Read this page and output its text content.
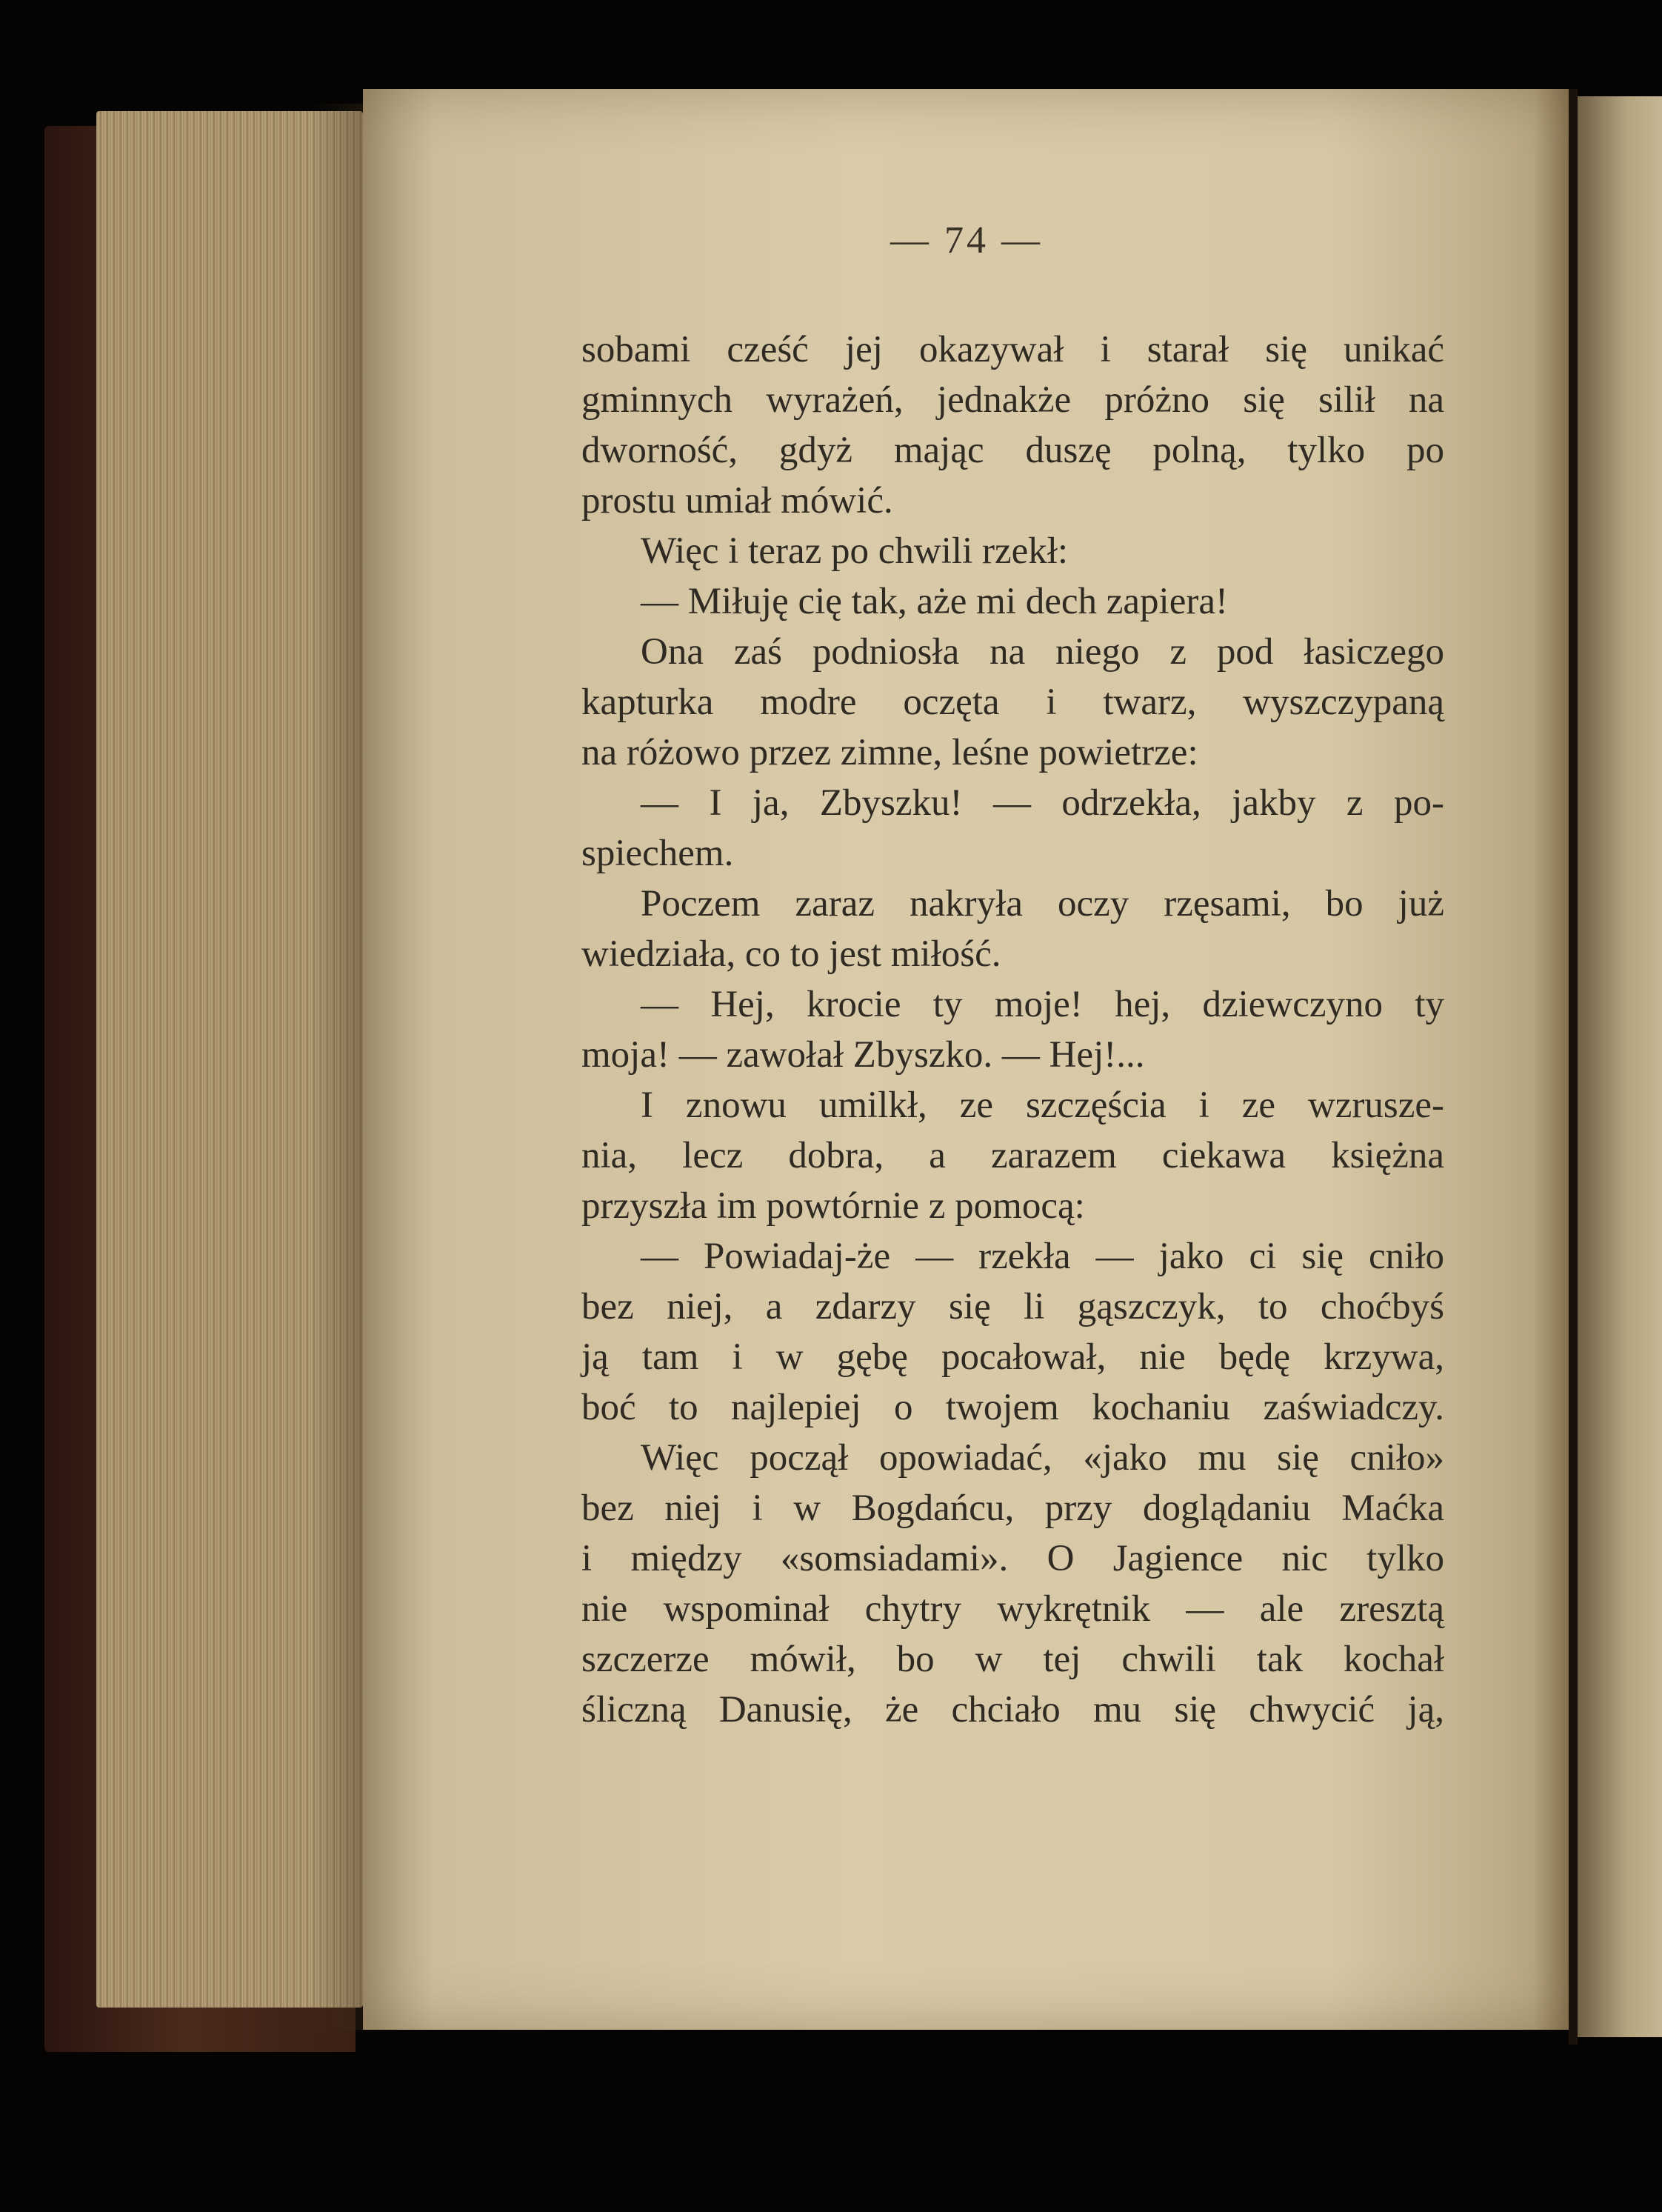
— 74 —
sobami cześć jej okazywał i starał się unikać
gminnych wyrażeń, jednakże próżno się silił na
dworność, gdyż mając duszę polną, tylko po
prostu umiał mówić.
Więc i teraz po chwili rzekł:
— Miłuję cię tak, aże mi dech zapiera!
Ona zaś podniosła na niego z pod łasiczego
kapturka modre oczęta i twarz, wyszczypaną
na różowo przez zimne, leśne powietrze:
— I ja, Zbyszku! — odrzekła, jakby z po-
spiechem.
Poczem zaraz nakryła oczy rzęsami, bo już
wiedziała, co to jest miłość.
— Hej, krocie ty moje! hej, dziewczyno ty
moja! — zawołał Zbyszko. — Hej!...
I znowu umilkł, ze szczęścia i ze wzrusze-
nia, lecz dobra, a zarazem ciekawa księżna
przyszła im powtórnie z pomocą:
— Powiadaj-że — rzekła — jako ci się cniło
bez niej, a zdarzy się li gąszczyk, to choćbyś
ją tam i w gębę pocałował, nie będę krzywa,
boć to najlepiej o twojem kochaniu zaświadczy.
Więc począł opowiadać, «jako mu się cniło»
bez niej i w Bogdańcu, przy doglądaniu Maćka
i między «somsiadami». O Jagience nic tylko
nie wspominał chytry wykrętnik — ale zresztą
szczerze mówił, bo w tej chwili tak kochał
śliczną Danusię, że chciało mu się chwycić ją,
